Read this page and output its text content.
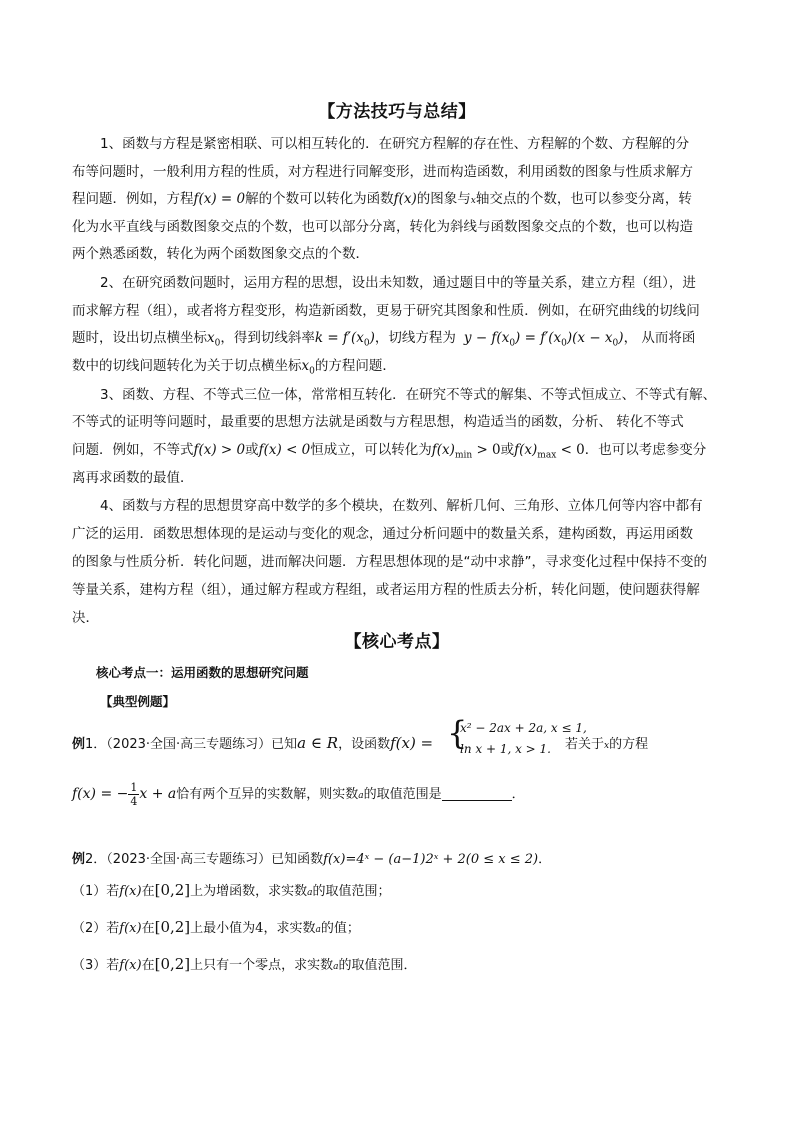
【方法技巧与总结】
1、函数与方程是紧密相联、可以相互转化的．在研究方程解的存在性、方程解的个数、方程解的分
布等问题时，一般利用方程的性质，对方程进行同解变形，进而构造函数，利用函数的图象与性质求解方
程问题．例如，方程f(x) = 0解的个数可以转化为函数f(x)的图象与x轴交点的个数，也可以参变分离，转
化为水平直线与函数图象交点的个数，也可以部分分离，转化为斜线与函数图象交点的个数，也可以构造
两个熟悉函数，转化为两个函数图象交点的个数．
2、在研究函数问题时，运用方程的思想，设出未知数，通过题目中的等量关系，建立方程（组），进
而求解方程（组），或者将方程变形，构造新函数，更易于研究其图象和性质．例如，在研究曲线的切线问
题时，设出切点横坐标$x_0$，得到切线斜率$k = f'(x_0)$，切线方程为 $y - f(x_0) = f'(x_0)(x - x_0)$， 从而将函
数中的切线问题转化为关于切点横坐标$x_0$的方程问题．
3、函数、方程、不等式三位一体，常常相互转化．在研究不等式的解集、不等式恒成立、不等式有解、
不等式的证明等问题时，最重要的思想方法就是函数与方程思想，构造适当的函数，分析、 转化不等式
问题．例如，不等式f(x) > 0或f(x) < 0恒成立，可以转化为$f(x)_{min} > 0$或$f(x)_{max} < 0$．也可以考虑参变分
离再求函数的最值．
4、函数与方程的思想贯穿高中数学的多个模块，在数列、解析几何、三角形、立体几何等内容中都有
广泛的运用．函数思想体现的是运动与变化的观念，通过分析问题中的数量关系，建构函数，再运用函数
的图象与性质分析．转化问题，进而解决问题．方程思想体现的是“动中求静”，寻求变化过程中保持不变的
等量关系，建构方程（组），通过解方程或方程组，或者运用方程的性质去分析，转化问题，使问题获得解
决．
【核心考点】
核心考点一：运用函数的思想研究问题
【典型例题】
例1．（2023·全国·高三专题练习）已知a ∈ R，设函数f(x) = {
x² − 2ax + 2a, x ≤ 1,
ln x + 1, x > 1. 若关于x的方程
f(x) = − $\frac{1}{4}$ x + a恰有两个互异的实数解，则实数a的取值范围是	．
例2．（2023·全国·高三专题练习）已知函数f(x)=4ˣ − (a−1)2ˣ + 2(0 ≤ x ≤ 2)．
（1）若f(x)在[0,2]上为增函数，求实数a的取值范围；
（2）若f(x)在[0,2]上最小值为4，求实数a的值；
（3）若f(x)在[0,2]上只有一个零点，求实数a的取值范围．
